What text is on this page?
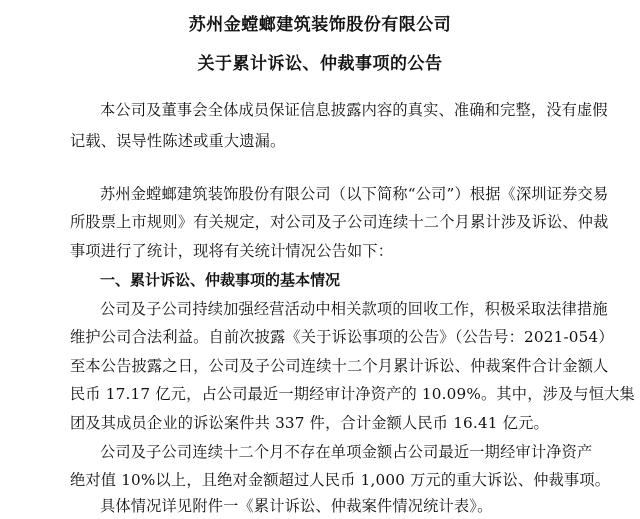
苏州金螳螂建筑装饰股份有限公司
关于累计诉讼、仲裁事项的公告
本公司及董事会全体成员保证信息披露内容的真实、准确和完整，没有虚假
记载、误导性陈述或重大遗漏。
苏州金螳螂建筑装饰股份有限公司（以下简称“公司”）根据《深圳证券交易
所股票上市规则》有关规定，对公司及子公司连续十二个月累计涉及诉讼、仲裁
事项进行了统计，现将有关统计情况公告如下：
一、累计诉讼、仲裁事项的基本情况
公司及子公司持续加强经营活动中相关款项的回收工作，积极采取法律措施
维护公司合法利益。自前次披露《关于诉讼事项的公告》（公告号：2021-054）
至本公告披露之日，公司及子公司连续十二个月累计诉讼、仲裁案件合计金额人
民币 17.17 亿元，占公司最近一期经审计净资产的 10.09%。其中，涉及与恒大集
团及其成员企业的诉讼案件共 337 件，合计金额人民币 16.41 亿元。
公司及子公司连续十二个月不存在单项金额占公司最近一期经审计净资产
绝对值 10%以上，且绝对金额超过人民币 1,000 万元的重大诉讼、仲裁事项。
具体情况详见附件一《累计诉讼、仲裁案件情况统计表》。
